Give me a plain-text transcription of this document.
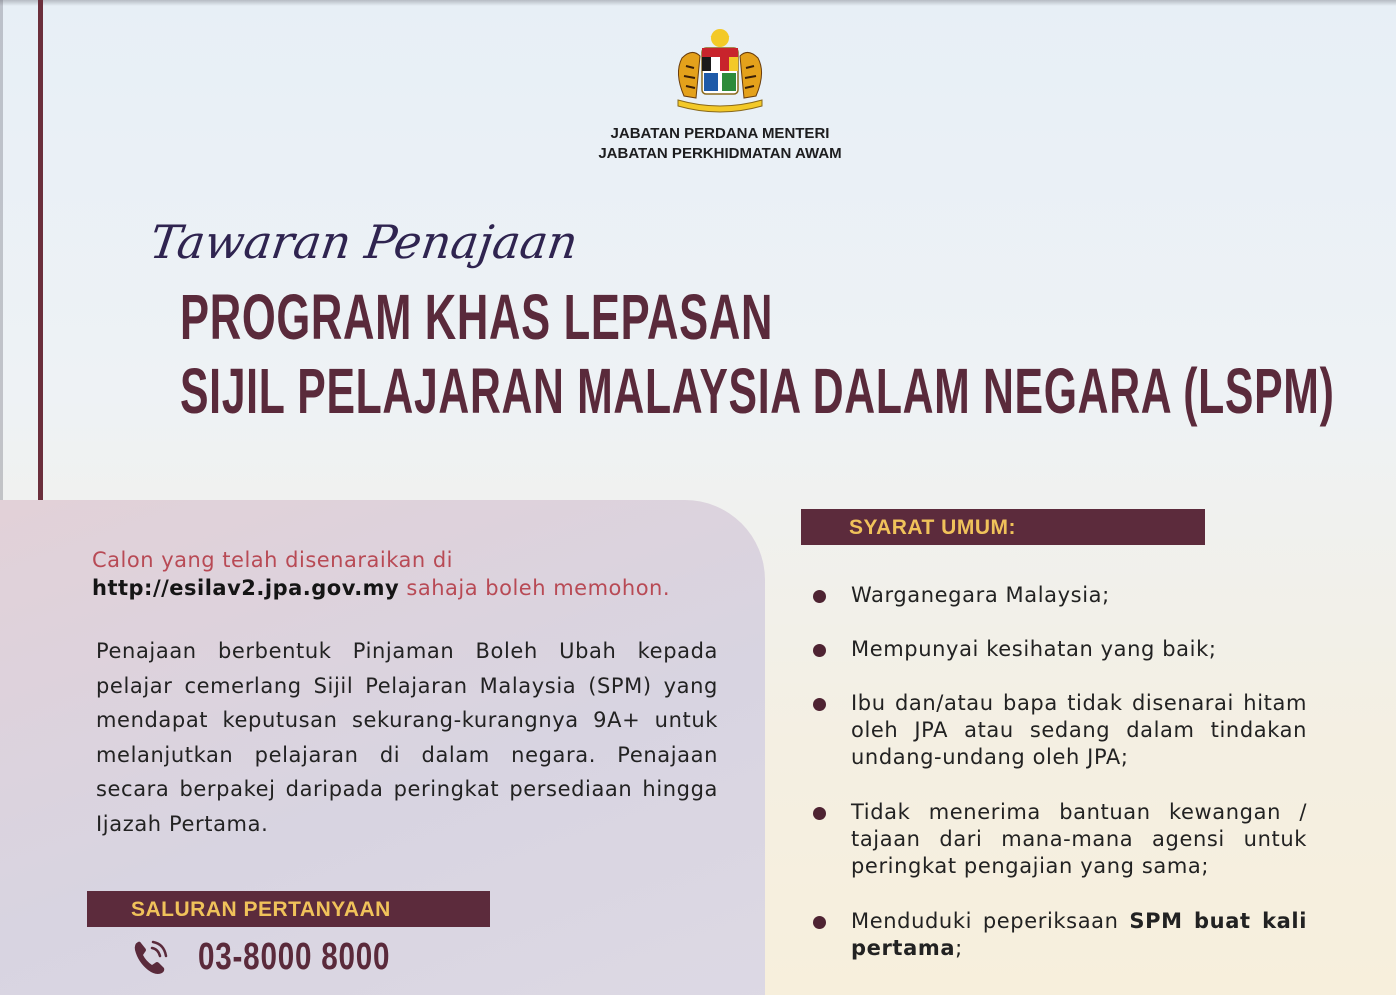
JABATAN PERDANA MENTERI
JABATAN PERKHIDMATAN AWAM
Tawaran Penajaan
PROGRAM KHAS LEPASAN
SIJIL PELAJARAN MALAYSIA DALAM NEGARA (LSPM)
Calon yang telah disenaraikan di
http://esilav2.jpa.gov.my sahaja boleh memohon.
Penajaan berbentuk Pinjaman Boleh Ubah kepada pelajar cemerlang Sijil Pelajaran Malaysia (SPM) yang mendapat keputusan sekurang-kurangnya 9A+ untuk melanjutkan pelajaran di dalam negara. Penajaan secara berpakej daripada peringkat persediaan hingga Ijazah Pertama.
SALURAN PERTANYAAN
03-8000 8000
SYARAT UMUM:
Warganegara Malaysia;
Mempunyai kesihatan yang baik;
Ibu dan/atau bapa tidak disenarai hitam oleh JPA atau sedang dalam tindakan undang-undang oleh JPA;
Tidak menerima bantuan kewangan / tajaan dari mana-mana agensi untuk peringkat pengajian yang sama;
Menduduki peperiksaan SPM buat kali pertama;
